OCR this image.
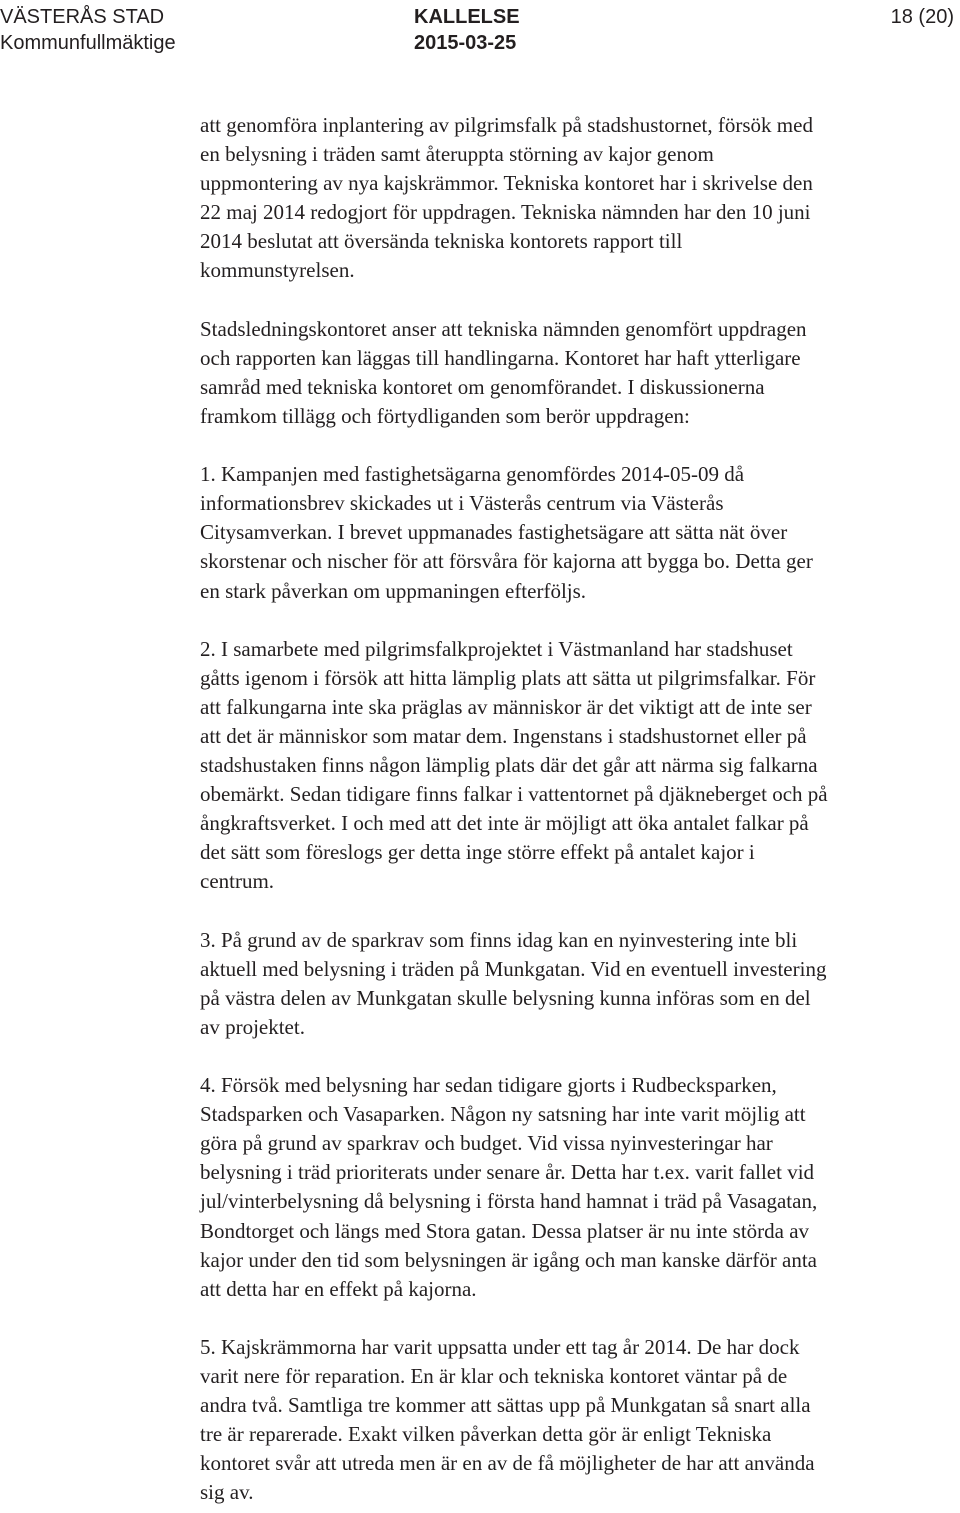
VÄSTERÅS STAD
Kommunfullmäktige
KALLELSE
2015-03-25
18 (20)

att genomföra inplantering av pilgrimsfalk på stadshustornet, försök med
en belysning i träden samt återuppta störning av kajor genom
uppmontering av nya kajskrämmor. Tekniska kontoret har i skrivelse den
22 maj 2014 redogjort för uppdragen. Tekniska nämnden har den 10 juni
2014 beslutat att översända tekniska kontorets rapport till
kommunstyrelsen.

Stadsledningskontoret anser att tekniska nämnden genomfört uppdragen
och rapporten kan läggas till handlingarna. Kontoret har haft ytterligare
samråd med tekniska kontoret om genomförandet. I diskussionerna
framkom tillägg och förtydliganden som berör uppdragen:

1. Kampanjen med fastighetsägarna genomfördes 2014-05-09 då
informationsbrev skickades ut i Västerås centrum via Västerås
Citysamverkan. I brevet uppmanades fastighetsägare att sätta nät över
skorstenar och nischer för att försvåra för kajorna att bygga bo. Detta ger
en stark påverkan om uppmaningen efterföljs.

2. I samarbete med pilgrimsfalkprojektet i Västmanland har stadshuset
gåtts igenom i försök att hitta lämplig plats att sätta ut pilgrimsfalkar. För
att falkungarna inte ska präglas av människor är det viktigt att de inte ser
att det är människor som matar dem. Ingenstans i stadshustornet eller på
stadshustaken finns någon lämplig plats där det går att närma sig falkarna
obemärkt. Sedan tidigare finns falkar i vattentornet på djäkneberget och på
ångkraftsverket. I och med att det inte är möjligt att öka antalet falkar på
det sätt som föreslogs ger detta inge större effekt på antalet kajor i
centrum.

3. På grund av de sparkrav som finns idag kan en nyinvestering inte bli
aktuell med belysning i träden på Munkgatan. Vid en eventuell investering
på västra delen av Munkgatan skulle belysning kunna införas som en del
av projektet.

4. Försök med belysning har sedan tidigare gjorts i Rudbecksparken,
Stadsparken och Vasaparken. Någon ny satsning har inte varit möjlig att
göra på grund av sparkrav och budget. Vid vissa nyinvesteringar har
belysning i träd prioriterats under senare år. Detta har t.ex. varit fallet vid
jul/vinterbelysning då belysning i första hand hamnat i träd på Vasagatan,
Bondtorget och längs med Stora gatan. Dessa platser är nu inte störda av
kajor under den tid som belysningen är igång och man kanske därför anta
att detta har en effekt på kajorna.

5. Kajskrämmorna har varit uppsatta under ett tag år 2014. De har dock
varit nere för reparation. En är klar och tekniska kontoret väntar på de
andra två. Samtliga tre kommer att sättas upp på Munkgatan så snart alla
tre är reparerade. Exakt vilken påverkan detta gör är enligt Tekniska
kontoret svår att utreda men är en av de få möjligheter de har att använda
sig av.
